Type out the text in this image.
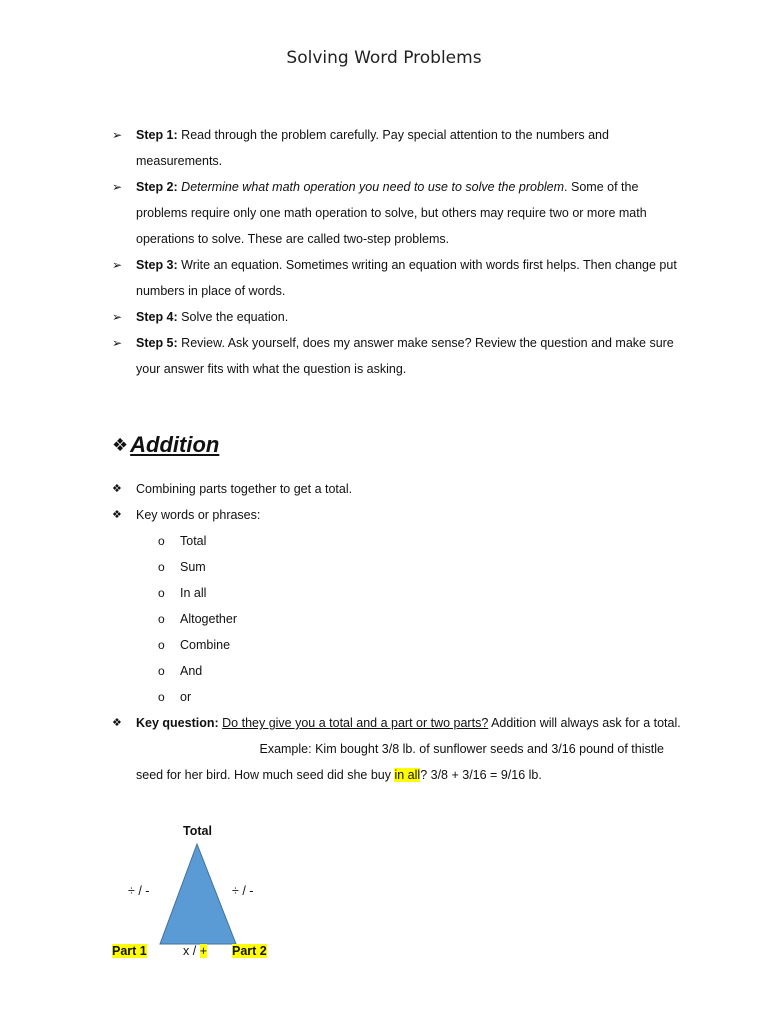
Solving Word Problems

➢	Step 1: Read through the problem carefully. Pay special attention to the numbers and measurements.

➢	Step 2: Determine what math operation you need to use to solve the problem. Some of the problems require only one math operation to solve, but others may require two or more math operations to solve. These are called two-step problems.

➢	Step 3: Write an equation. Sometimes writing an equation with words first helps. Then change put numbers in place of words.

➢	Step 4: Solve the equation.

➢	Step 5: Review. Ask yourself, does my answer make sense? Review the question and make sure your answer fits with what the question is asking.

❖ Addition
❖ Combining parts together to get a total.
❖ Key words or phrases:
o Total
o Sum
o In all
o Altogether
o Combine
o And
o or
❖ Key question: Do they give you a total and a part or two parts? Addition will always ask for a total.  Example: Kim bought 3/8 lb. of sunflower seeds and 3/16 pound of thistle seed for her bird. How much seed did she buy in all? 3/8 + 3/16 = 9/16 lb.
Total
÷ / -	÷ / -
Part 1	x / + Part 2
